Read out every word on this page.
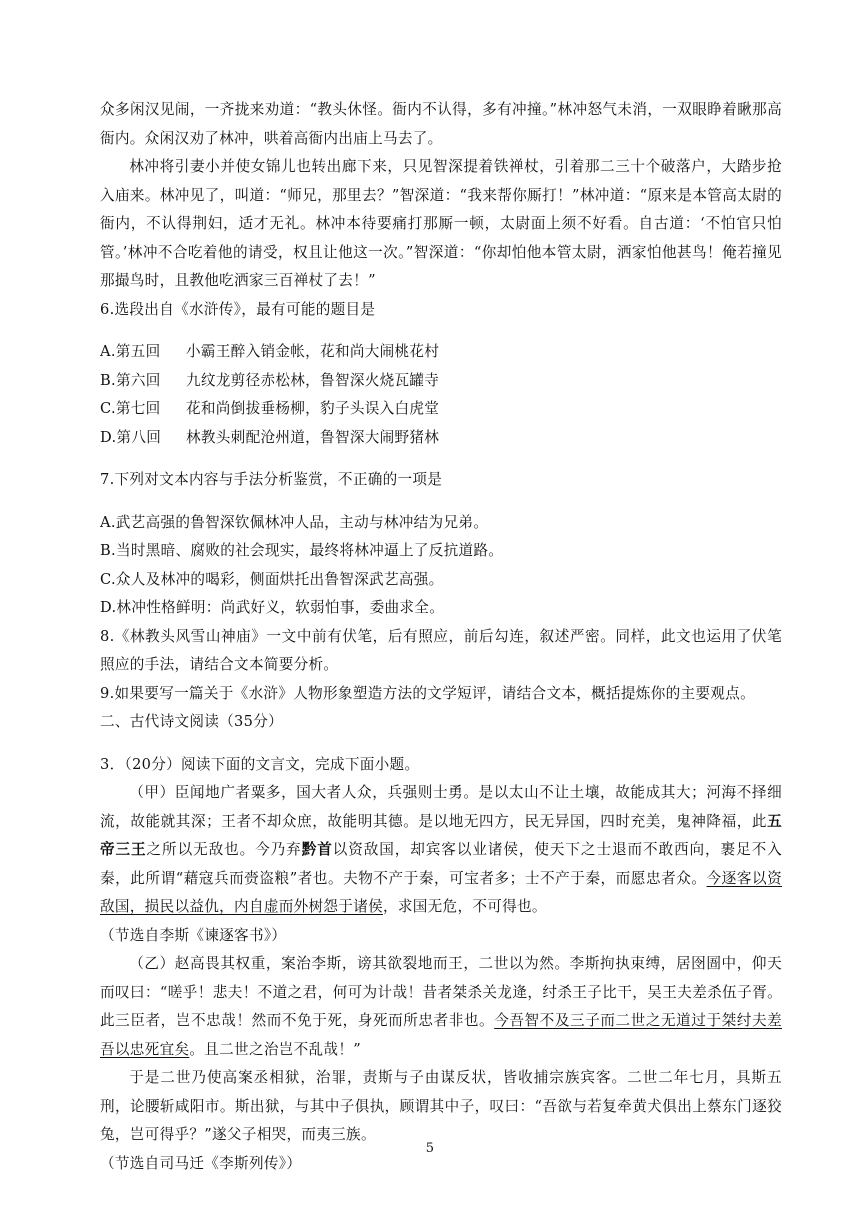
众多闲汉见闹，一齐拢来劝道：“教头休怪。衙内不认得，多有冲撞。”林冲怒气未消，一双眼睁着瞅那高衙内。众闲汉劝了林冲，哄着高衙内出庙上马去了。

林冲将引妻小并使女锦儿也转出廊下来，只见智深提着铁禅杖，引着那二三十个破落户，大踏步抢入庙来。林冲见了，叫道：“师兄，那里去？”智深道：“我来帮你厮打！”林冲道：“原来是本管高太尉的衙内，不认得荆妇，适才无礼。林冲本待要痛打那厮一顿，太尉面上须不好看。自古道：‘不怕官只怕管。’林冲不合吃着他的请受，权且让他这一次。”智深道：“你却怕他本管太尉，洒家怕他甚鸟！俺若撞见那撮鸟时，且教他吃洒家三百禅杖了去！”

6.选段出自《水浒传》，最有可能的题目是

A.第五回 小霸王醉入销金帐，花和尚大闹桃花村

B.第六回 九纹龙剪径赤松林，鲁智深火烧瓦罐寺

C.第七回 花和尚倒拔垂杨柳，豹子头误入白虎堂

D.第八回 林教头刺配沧州道，鲁智深大闹野猪林

7.下列对文本内容与手法分析鉴赏，不正确的一项是

A.武艺高强的鲁智深钦佩林冲人品，主动与林冲结为兄弟。

B.当时黑暗、腐败的社会现实，最终将林冲逼上了反抗道路。

C.众人及林冲的喝彩，侧面烘托出鲁智深武艺高强。

D.林冲性格鲜明：尚武好义，软弱怕事，委曲求全。

8.《林教头风雪山神庙》一文中前有伏笔，后有照应，前后勾连，叙述严密。同样，此文也运用了伏笔照应的手法，请结合文本简要分析。

9.如果要写一篇关于《水浒》人物形象塑造方法的文学短评，请结合文本，概括提炼你的主要观点。

二、古代诗文阅读（35分）

3．（20分）阅读下面的文言文，完成下面小题。

（甲）臣闻地广者粟多，国大者人众，兵强则士勇。是以太山不让土壤，故能成其大；河海不择细流，故能就其深；王者不却众庶，故能明其德。是以地无四方，民无异国，四时充美，鬼神降福，此五帝三王之所以无敌也。今乃弃黔首以资敌国，却宾客以业诸侯，使天下之士退而不敢西向，裹足不入秦，此所谓“藉寇兵而赍盗粮”者也。夫物不产于秦，可宝者多；士不产于秦，而愿忠者众。今逐客以资敌国，损民以益仇，内自虚而外树怨于诸侯，求国无危，不可得也。

（节选自李斯《谏逐客书》）

（乙）赵高畏其权重，案治李斯，谤其欲裂地而王，二世以为然。李斯拘执束缚，居囹圄中，仰天而叹曰：“嗟乎！悲夫！不道之君，何可为计哉！昔者桀杀关龙逄，纣杀王子比干，吴王夫差杀伍子胥。此三臣者，岂不忠哉！然而不免于死，身死而所忠者非也。今吾智不及三子而二世之无道过于桀纣夫差吾以忠死宜矣。且二世之治岂不乱哉！”

于是二世乃使高案丞相狱，治罪，责斯与子由谋反状，皆收捕宗族宾客。二世二年七月，具斯五刑，论腰斩咸阳市。斯出狱，与其中子俱执，顾谓其中子，叹曰：“吾欲与若复牵黄犬俱出上蔡东门逐狡兔，岂可得乎？”遂父子相哭，而夷三族。

（节选自司马迁《李斯列传》）

5
